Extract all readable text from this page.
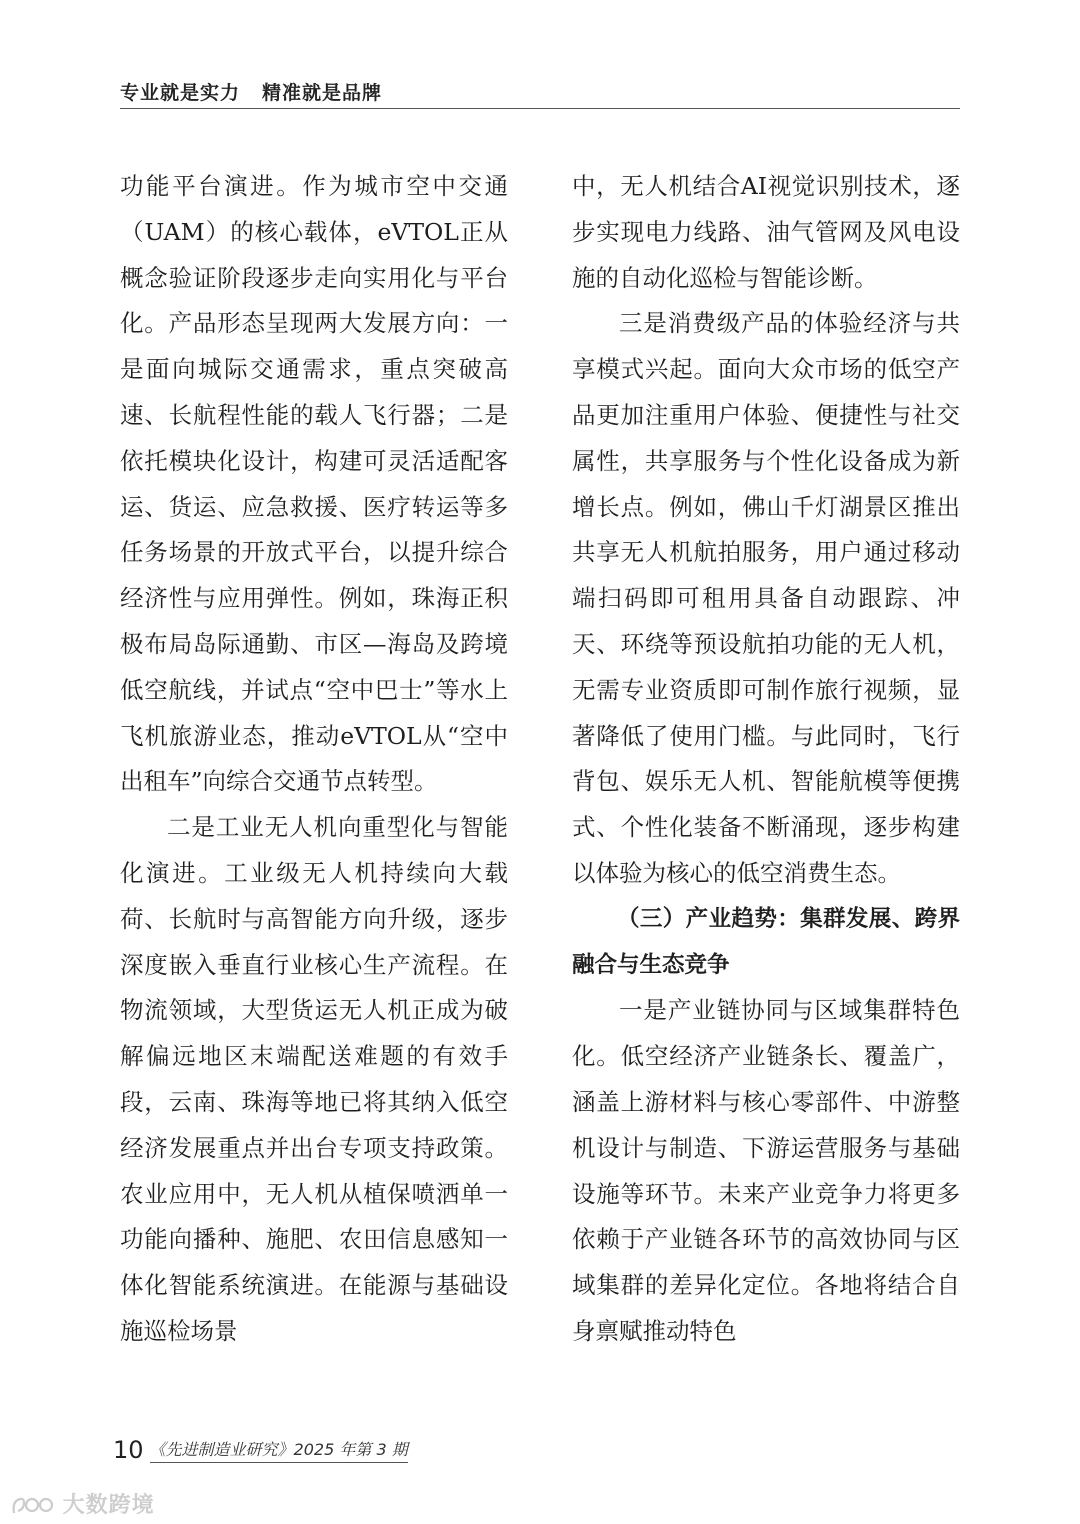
专业就是实力 精准就是品牌

功能平台演进。作为城市空中交通（UAM）的核心载体，eVTOL正从概念验证阶段逐步走向实用化与平台化。产品形态呈现两大发展方向：一是面向城际交通需求，重点突破高速、长航程性能的载人飞行器；二是依托模块化设计，构建可灵活适配客运、货运、应急救援、医疗转运等多任务场景的开放式平台，以提升综合经济性与应用弹性。例如，珠海正积极布局岛际通勤、市区—海岛及跨境低空航线，并试点“空中巴士”等水上飞机旅游业态，推动eVTOL从“空中出租车”向综合交通节点转型。

二是工业无人机向重型化与智能化演进。工业级无人机持续向大载荷、长航时与高智能方向升级，逐步深度嵌入垂直行业核心生产流程。在物流领域，大型货运无人机正成为破解偏远地区末端配送难题的有效手段，云南、珠海等地已将其纳入低空经济发展重点并出台专项支持政策。农业应用中，无人机从植保喷洒单一功能向播种、施肥、农田信息感知一体化智能系统演进。在能源与基础设施巡检场景

中，无人机结合AI视觉识别技术，逐步实现电力线路、油气管网及风电设施的自动化巡检与智能诊断。

三是消费级产品的体验经济与共享模式兴起。面向大众市场的低空产品更加注重用户体验、便捷性与社交属性，共享服务与个性化设备成为新增长点。例如，佛山千灯湖景区推出共享无人机航拍服务，用户通过移动端扫码即可租用具备自动跟踪、冲天、环绕等预设航拍功能的无人机，无需专业资质即可制作旅行视频，显著降低了使用门槛。与此同时，飞行背包、娱乐无人机、智能航模等便携式、个性化装备不断涌现，逐步构建以体验为核心的低空消费生态。

（三）产业趋势：集群发展、跨界融合与生态竞争

一是产业链协同与区域集群特色化。低空经济产业链条长、覆盖广，涵盖上游材料与核心零部件、中游整机设计与制造、下游运营服务与基础设施等环节。未来产业竞争力将更多依赖于产业链各环节的高效协同与区域集群的差异化定位。各地将结合自身禀赋推动特色

10 《先进制造业研究》2025 年第 3 期
大数跨境
